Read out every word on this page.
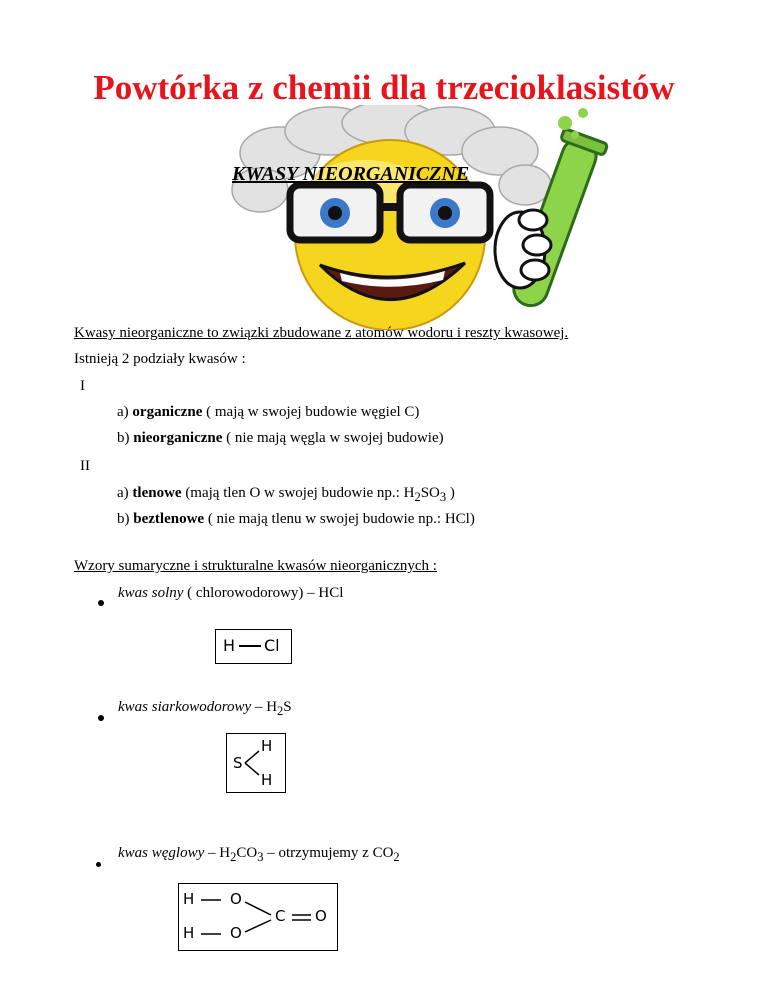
Powtórka z chemii dla trzecioklasistów
KWASY NIEORGANICZNE
Kwasy nieorganiczne to związki zbudowane z atomów wodoru i reszty kwasowej.
Istnieją 2 podziały kwasów :
I
a) organiczne ( mają w swojej budowie węgiel C)
b) nieorganiczne ( nie mają węgla w swojej budowie)
II
a) tlenowe (mają tlen O w swojej budowie np.: $H_2SO_3$ )
b) beztlenowe ( nie mają tlenu w swojej budowie np.: HCl)
Wzory sumaryczne i strukturalne kwasów nieorganicznych :
kwas solny ( chlorowodorowy) – HCl
H Cl
kwas siarkowodorowy – $H_2S$
S
H
H
kwas węglowy – $H_2CO_3$ – otrzymujemy z $CO_2$
H O
H O
C O
